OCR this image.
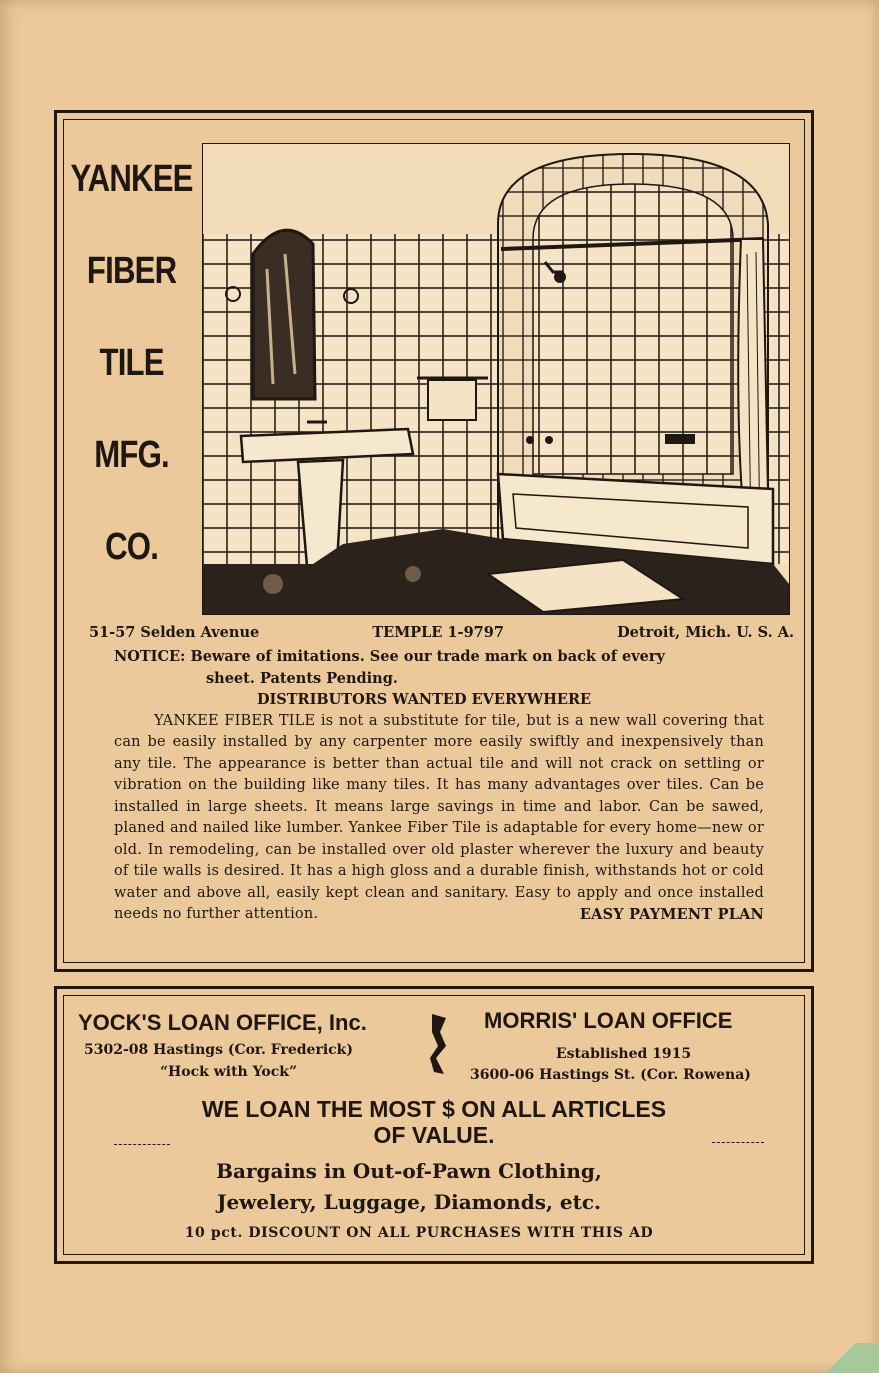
YANKEE
FIBER
TILE
MFG.
CO.
51-57 Selden Avenue	TEMPLE 1-9797	Detroit, Mich. U. S. A.
NOTICE: Beware of imitations. See our trade mark on back of every
sheet. Patents Pending.
DISTRIBUTORS WANTED EVERYWHERE
YANKEE FIBER TILE is not a substitute for tile, but is a new wall covering that can be easily installed by any carpenter more easily swiftly and inexpensively than any tile. The appearance is better than actual tile and will not crack on settling or vibration on the building like many tiles. It has many advantages over tiles. Can be installed in large sheets. It means large savings in time and labor. Can be sawed, planed and nailed like lumber. Yankee Fiber Tile is adaptable for every home—new or old. In remodeling, can be installed over old plaster wherever the luxury and beauty of tile walls is desired. It has a high gloss and a durable finish, withstands hot or cold water and above all, easily kept clean and sanitary. Easy to apply and once installed needs no further attention.	EASY PAYMENT PLAN
YOCK'S LOAN OFFICE, Inc.
5302-08 Hastings (Cor. Frederick)
“Hock with Yock”
MORRIS' LOAN OFFICE
Established 1915
3600-06 Hastings St. (Cor. Rowena)
WE LOAN THE MOST $ ON ALL ARTICLES
OF VALUE.
Bargains in Out-of-Pawn Clothing,
Jewelery, Luggage, Diamonds, etc.
10 pct. DISCOUNT ON ALL PURCHASES WITH THIS AD
